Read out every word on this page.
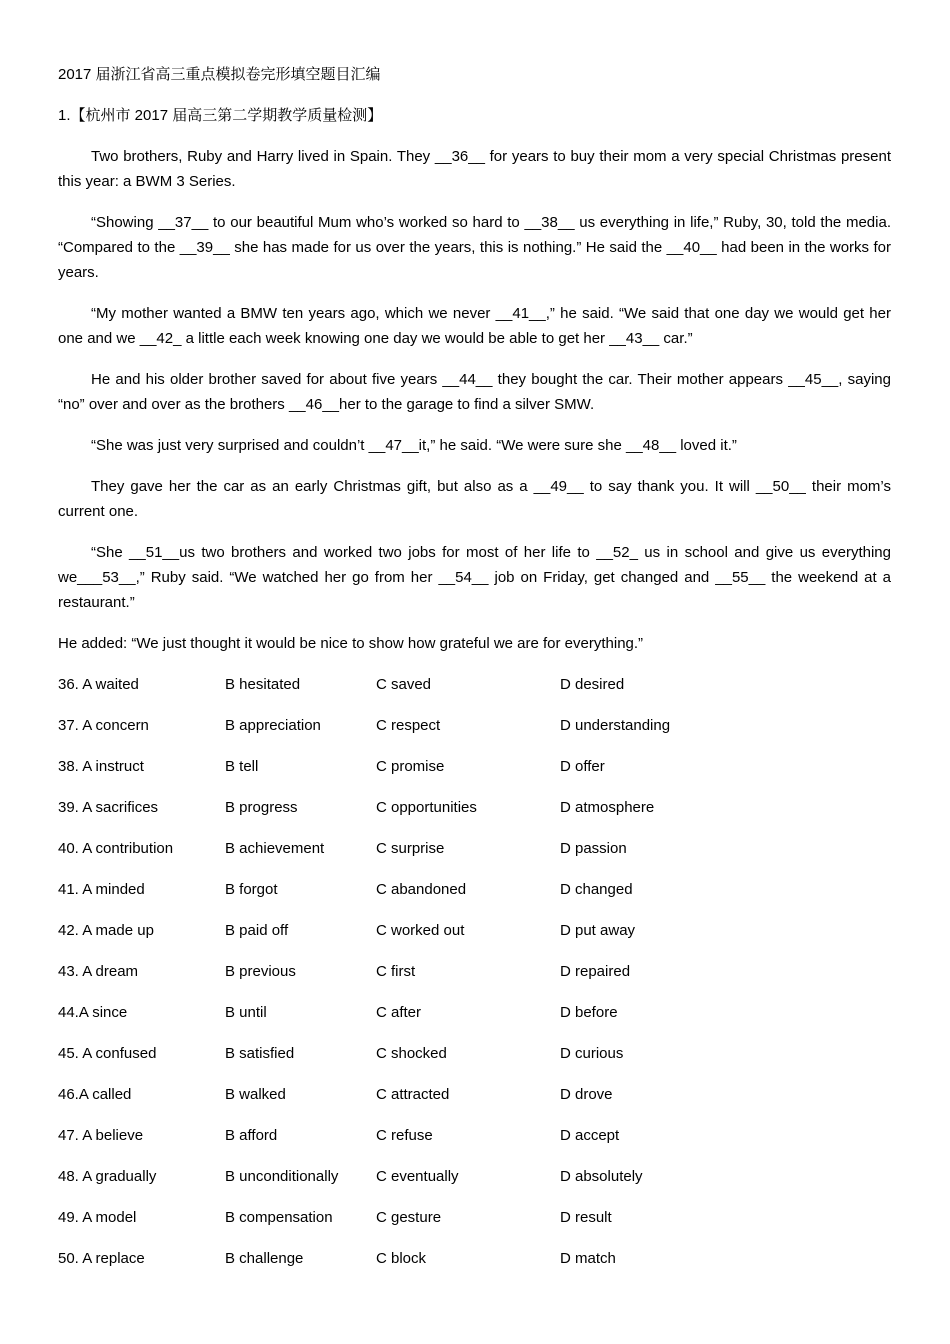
2017 届浙江省高三重点模拟卷完形填空题目汇编

1.【杭州市 2017 届高三第二学期教学质量检测】

Two brothers, Ruby and Harry lived in Spain. They __36__ for years to buy their mom a very special Christmas present this year: a BWM 3 Series.

“Showing __37__ to our beautiful Mum who’s worked so hard to __38__ us everything in life,” Ruby, 30, told the media. “Compared to the __39__ she has made for us over the years, this is nothing.” He said the __40__ had been in the works for years.

“My mother wanted a BMW ten years ago, which we never __41__,” he said. “We said that one day we would get her one and we __42_ a little each week knowing one day we would be able to get her __43__ car.”

He and his older brother saved for about five years __44__ they bought the car. Their mother appears __45__, saying “no” over and over as the brothers __46__her to the garage to find a silver SMW.

“She was just very surprised and couldn’t __47__it,” he said. “We were sure she __48__ loved it.”

They gave her the car as an early Christmas gift, but also as a __49__ to say thank you. It will __50__ their mom’s current one.

“She __51__us two brothers and worked two jobs for most of her life to __52_ us in school and give us everything we___53__,” Ruby said. “We watched her go from her __54__ job on Friday, get changed and __55__ the weekend at a restaurant.”

He added: “We just thought it would be nice to show how grateful we are for everything.”

36. A waited	B hesitated	C saved	D desired
37. A concern	B appreciation	C respect	D understanding
38. A instruct	B tell	C promise	D offer
39. A sacrifices	B progress	C opportunities	D atmosphere
40. A contribution	B achievement	C surprise	D passion
41. A minded	B forgot	C abandoned	D changed
42. A made up	B paid off	C worked out	D put away
43. A dream	B previous	C first	D repaired
44.A since	B until	C after	D before
45. A confused	B satisfied	C shocked	D curious
46.A called	B walked	C attracted	D drove
47. A believe	B afford	C refuse	D accept
48. A gradually	B unconditionally	C eventually	D absolutely
49. A model	B compensation	C gesture	D result
50. A replace	B challenge	C block	D match
